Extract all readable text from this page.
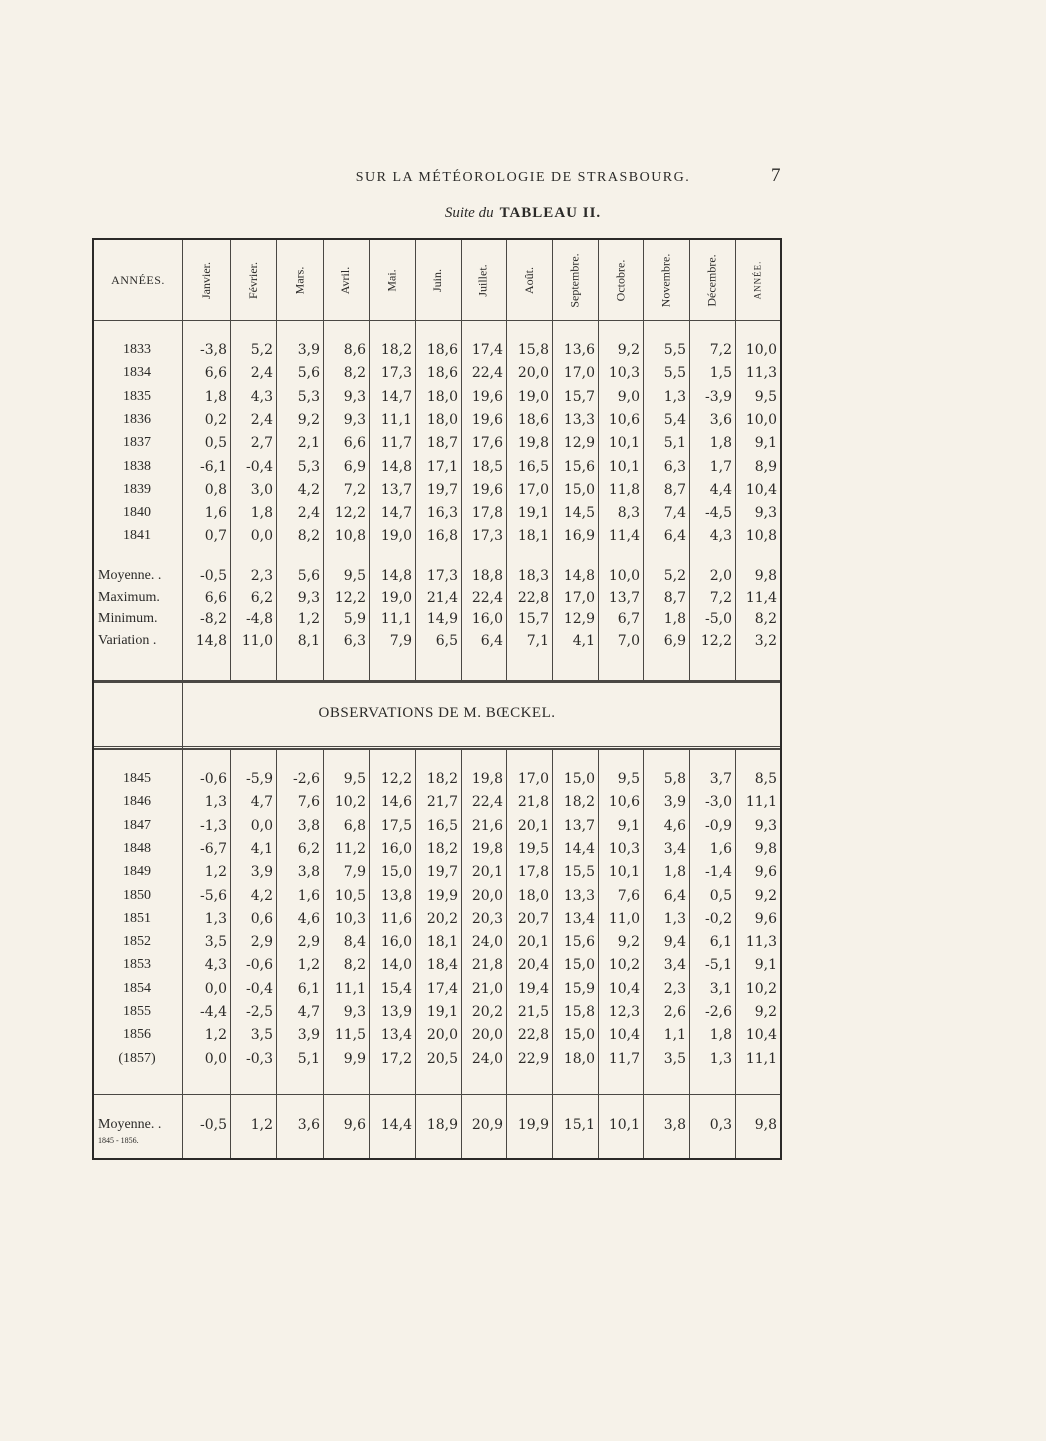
SUR LA MÉTÉOROLOGIE DE STRASBOURG.	7
Suite du TABLEAU II.
ANNÉES.	Janvier.	Février.	Mars.	Avril.	Mai.	Juin.	Juillet.	Août.	Septembre.	Octobre.	Novembre.	Décembre.	ANNÉE.
1833	-3,8	5,2	3,9	8,6	18,2	18,6 17,4	15,8	13,6	9,2	5,5	7,2 10,0
1834	6,6	2,4	5,6	8,2	17,3	18,6 22,4	20,0	17,0 10,3	5,5	1,5 11,3
1835	1,8	4,3	5,3	9,3	14,7	18,0 19,6	19,0	15,7	9,0	1,3	-3,9	9,5
1836	0,2	2,4	9,2	9,3	11,1	18,0 19,6	18,6	13,3 10,6	5,4	3,6 10,0
1837	0,5	2,7	2,1	6,6	11,7	18,7 17,6	19,8	12,9 10,1	5,1	1,8	9,1
1838	-6,1	-0,4	5,3	6,9	14,8	17,1 18,5	16,5	15,6 10,1	6,3	1,7	8,9
1839	0,8	3,0	4,2	7,2	13,7	19,7 19,6	17,0	15,0 11,8	8,7	4,4 10,4
1840	1,6	1,8	2,4	12,2	14,7	16,3 17,8	19,1	14,5	8,3	7,4	-4,5	9,3
1841	0,7	0,0	8,2	10,8	19,0	16,8 17,3	18,1	16,9 11,4	6,4	4,3 10,8
Moyenne. .	-0,5	2,3	5,6	9,5	14,8	17,3 18,8	18,3	14,8 10,0	5,2	2,0	9,8
Maximum.	6,6	6,2	9,3	12,2	19,0	21,4 22,4	22,8	17,0 13,7	8,7	7,2 11,4
Minimum.	-8,2	-4,8	1,2	5,9	11,1	14,9 16,0	15,7	12,9	6,7	1,8	-5,0	8,2
Variation .	14,8	11,0	8,1	6,3	7,9	6,5	6,4	7,1	4,1	7,0	6,9	12,2	3,2
OBSERVATIONS DE M. BŒCKEL.
1845	-0,6	-5,9	-2,6	9,5	12,2	18,2 19,8	17,0	15,0	9,5	5,8	3,7	8,5
1846	1,3	4,7	7,6	10,2	14,6	21,7 22,4	21,8	18,2 10,6	3,9	-3,0 11,1
1847	-1,3	0,0	3,8	6,8	17,5	16,5 21,6	20,1	13,7	9,1	4,6	-0,9	9,3
1848	-6,7	4,1	6,2	11,2	16,0	18,2 19,8	19,5	14,4 10,3	3,4	1,6	9,8
1849	1,2	3,9	3,8	7,9	15,0	19,7 20,1	17,8	15,5 10,1	1,8	-1,4	9,6
1850	-5,6	4,2	1,6	10,5	13,8	19,9 20,0	18,0	13,3	7,6	6,4	0,5	9,2
1851	1,3	0,6	4,6	10,3	11,6	20,2 20,3	20,7	13,4 11,0	1,3	-0,2	9,6
1852	3,5	2,9	2,9	8,4	16,0	18,1 24,0	20,1	15,6	9,2	9,4	6,1 11,3
1853	4,3	-0,6	1,2	8,2	14,0	18,4 21,8	20,4	15,0 10,2	3,4	-5,1	9,1
1854	0,0	-0,4	6,1	11,1	15,4	17,4 21,0	19,4	15,9 10,4	2,3	3,1 10,2
1855	-4,4	-2,5	4,7	9,3	13,9	19,1 20,2	21,5	15,8 12,3	2,6	-2,6	9,2
1856	1,2	3,5	3,9	11,5	13,4	20,0 20,0	22,8	15,0 10,4	1,1	1,8 10,4
(1857)	0,0	-0,3	5,1	9,9	17,2	20,5 24,0	22,9	18,0 11,7	3,5	1,3 11,1
Moyenne. .	-0,5	1,2	3,6	9,6	14,4	18,9 20,9	19,9	15,1 10,1	3,8	0,3	9,8
1845 - 1856.
